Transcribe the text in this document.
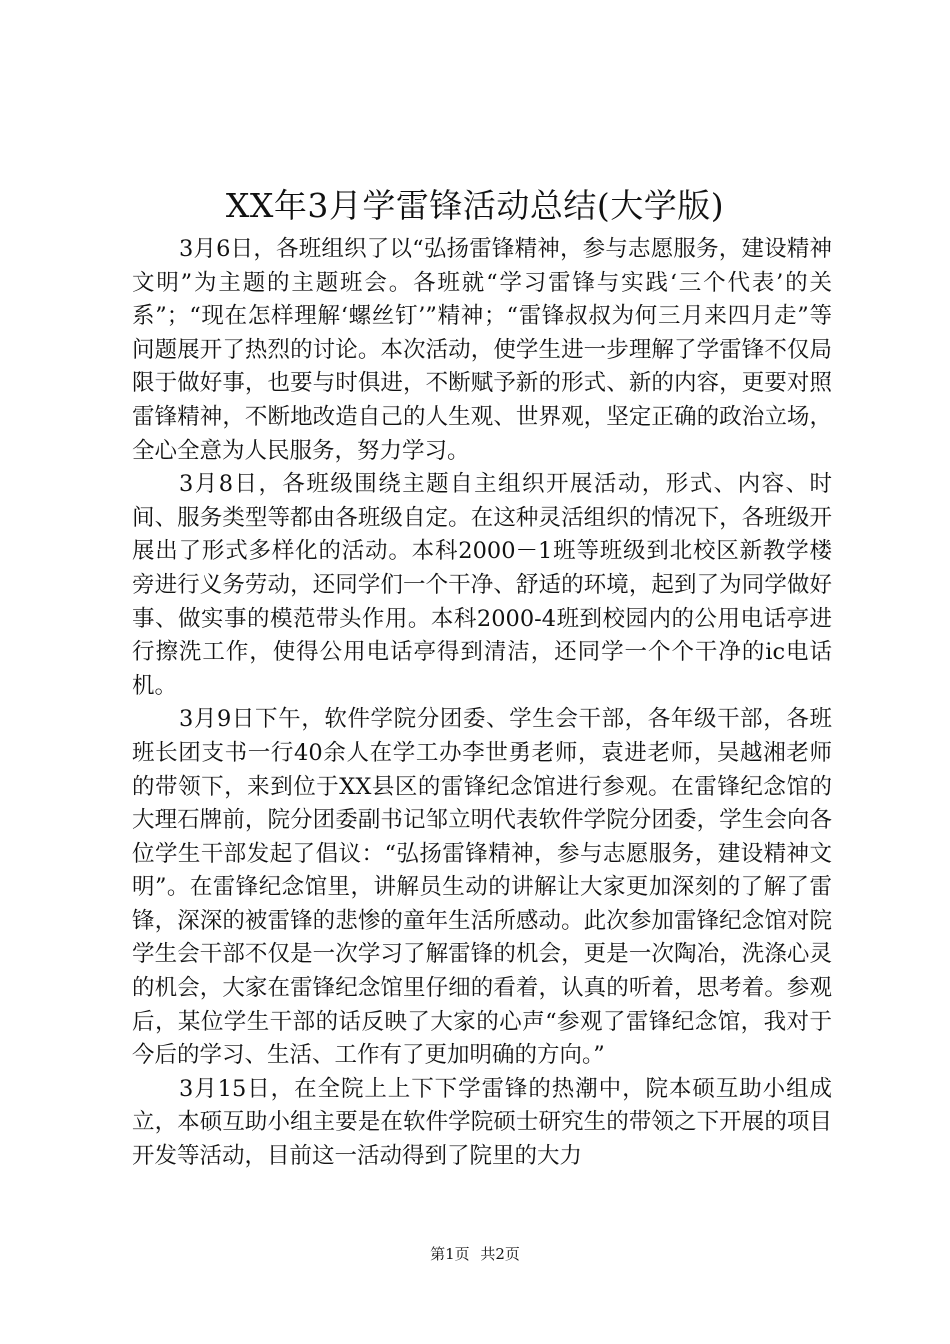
XX年3月学雷锋活动总结(大学版)

3月6日，各班组织了以“弘扬雷锋精神，参与志愿服务，建设精神文明”为主题的主题班会。各班就“学习雷锋与实践‘三个代表’的关系”；“现在怎样理解‘螺丝钉’”精神；“雷锋叔叔为何三月来四月走”等问题展开了热烈的讨论。本次活动，使学生进一步理解了学雷锋不仅局限于做好事，也要与时俱进，不断赋予新的形式、新的内容，更要对照雷锋精神，不断地改造自己的人生观、世界观，坚定正确的政治立场，全心全意为人民服务，努力学习。

3月8日，各班级围绕主题自主组织开展活动，形式、内容、时间、服务类型等都由各班级自定。在这种灵活组织的情况下，各班级开展出了形式多样化的活动。本科2000－1班等班级到北校区新教学楼旁进行义务劳动，还同学们一个干净、舒适的环境，起到了为同学做好事、做实事的模范带头作用。本科2000-4班到校园内的公用电话亭进行擦洗工作，使得公用电话亭得到清洁，还同学一个个干净的ic电话机。

3月9日下午，软件学院分团委、学生会干部，各年级干部，各班班长团支书一行40余人在学工办李世勇老师，袁进老师，吴越湘老师的带领下，来到位于XX县区的雷锋纪念馆进行参观。在雷锋纪念馆的大理石牌前，院分团委副书记邹立明代表软件学院分团委，学生会向各位学生干部发起了倡议：“弘扬雷锋精神，参与志愿服务，建设精神文明”。在雷锋纪念馆里，讲解员生动的讲解让大家更加深刻的了解了雷锋，深深的被雷锋的悲惨的童年生活所感动。此次参加雷锋纪念馆对院学生会干部不仅是一次学习了解雷锋的机会，更是一次陶冶，洗涤心灵的机会，大家在雷锋纪念馆里仔细的看着，认真的听着，思考着。参观后，某位学生干部的话反映了大家的心声“参观了雷锋纪念馆，我对于今后的学习、生活、工作有了更加明确的方向。”

3月15日，在全院上上下下学雷锋的热潮中，院本硕互助小组成立，本硕互助小组主要是在软件学院硕士研究生的带领之下开展的项目开发等活动，目前这一活动得到了院里的大力

第1页 共2页
